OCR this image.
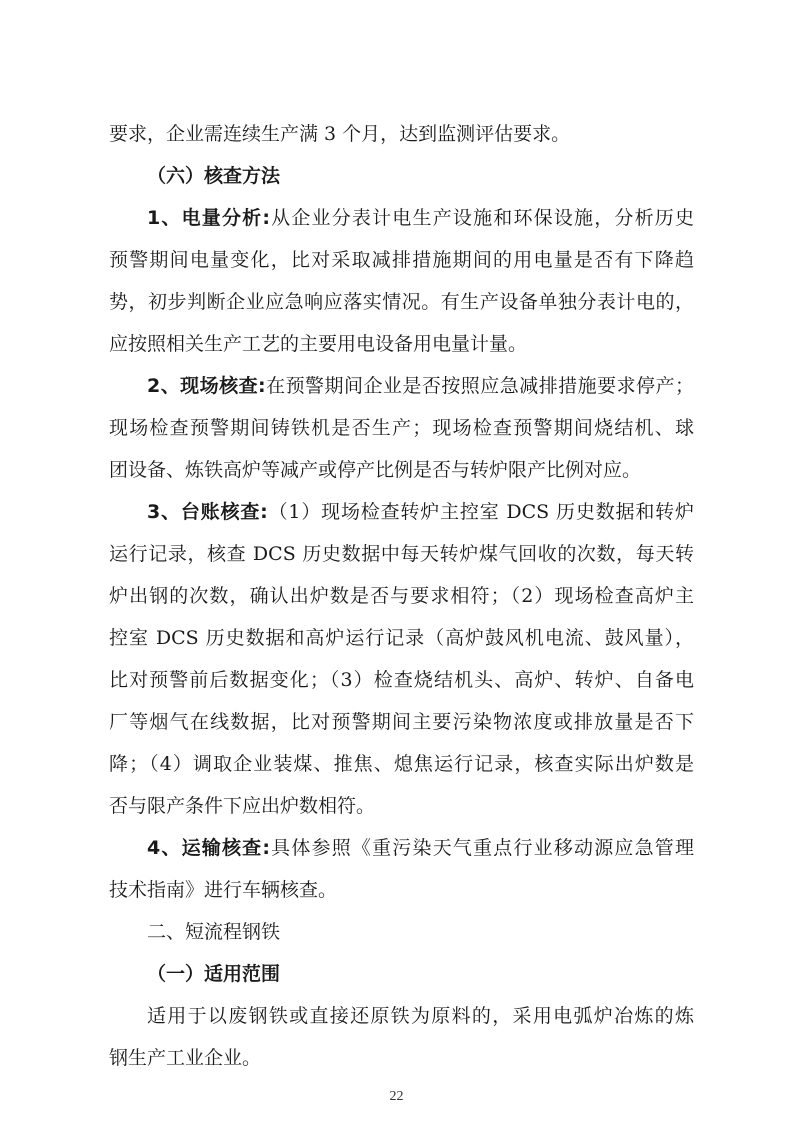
要求，企业需连续生产满 3 个月，达到监测评估要求。
（六）核查方法
1、电量分析:从企业分表计电生产设施和环保设施，分析历史
预警期间电量变化，比对采取减排措施期间的用电量是否有下降趋
势，初步判断企业应急响应落实情况。有生产设备单独分表计电的，
应按照相关生产工艺的主要用电设备用电量计量。
2、现场核查:在预警期间企业是否按照应急减排措施要求停产；
现场检查预警期间铸铁机是否生产；现场检查预警期间烧结机、球
团设备、炼铁高炉等减产或停产比例是否与转炉限产比例对应。
3、台账核查:（1）现场检查转炉主控室 DCS 历史数据和转炉
运行记录，核查 DCS 历史数据中每天转炉煤气回收的次数，每天转
炉出钢的次数，确认出炉数是否与要求相符；（2）现场检查高炉主
控室 DCS 历史数据和高炉运行记录（高炉鼓风机电流、鼓风量），
比对预警前后数据变化；（3）检查烧结机头、高炉、转炉、自备电
厂等烟气在线数据，比对预警期间主要污染物浓度或排放量是否下
降；（4）调取企业装煤、推焦、熄焦运行记录，核查实际出炉数是
否与限产条件下应出炉数相符。
4、运输核查:具体参照《重污染天气重点行业移动源应急管理
技术指南》进行车辆核查。
二、短流程钢铁
（一）适用范围
适用于以废钢铁或直接还原铁为原料的，采用电弧炉冶炼的炼
钢生产工业企业。
22
